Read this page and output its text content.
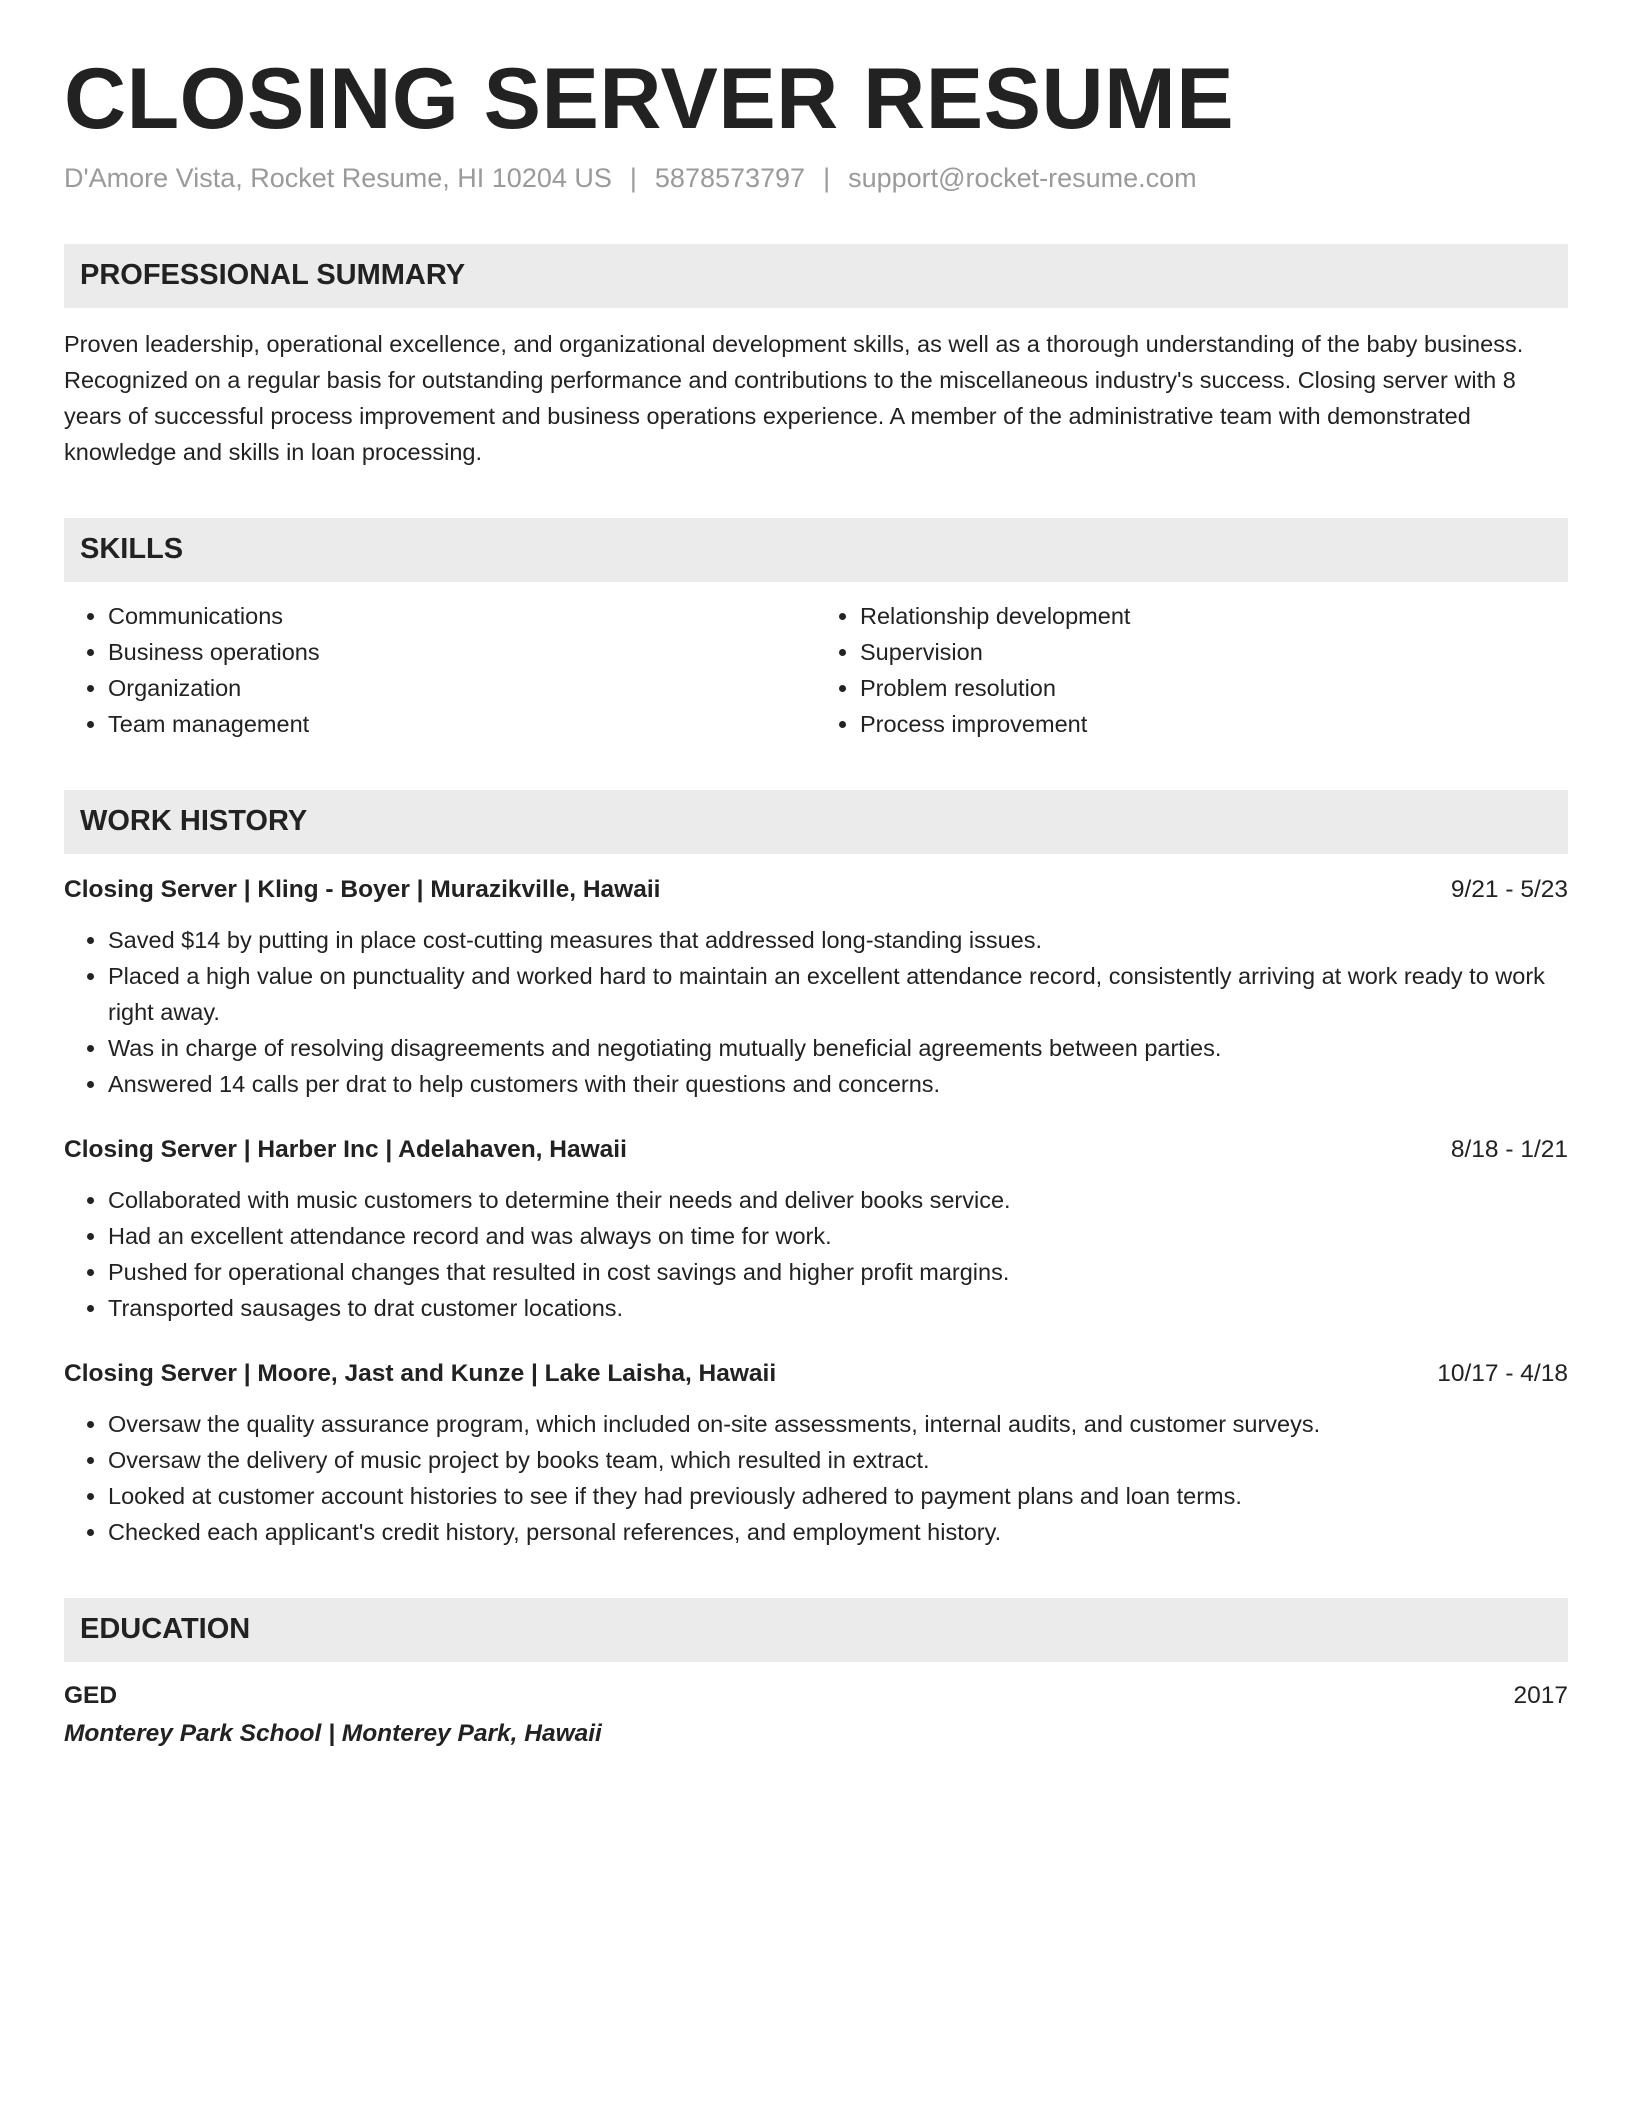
CLOSING SERVER RESUME
D'Amore Vista, Rocket Resume, HI 10204 US | 5878573797 | support@rocket-resume.com
PROFESSIONAL SUMMARY
Proven leadership, operational excellence, and organizational development skills, as well as a thorough understanding of the baby business. Recognized on a regular basis for outstanding performance and contributions to the miscellaneous industry's success. Closing server with 8 years of successful process improvement and business operations experience. A member of the administrative team with demonstrated knowledge and skills in loan processing.
SKILLS
• Communications
• Business operations
• Organization
• Team management
• Relationship development
• Supervision
• Problem resolution
• Process improvement
WORK HISTORY
Closing Server | Kling - Boyer | Murazikville, Hawaii	9/21 - 5/23
• Saved $14 by putting in place cost-cutting measures that addressed long-standing issues.
• Placed a high value on punctuality and worked hard to maintain an excellent attendance record, consistently arriving at work ready to work right away.
• Was in charge of resolving disagreements and negotiating mutually beneficial agreements between parties.
• Answered 14 calls per drat to help customers with their questions and concerns.
Closing Server | Harber Inc | Adelahaven, Hawaii	8/18 - 1/21
• Collaborated with music customers to determine their needs and deliver books service.
• Had an excellent attendance record and was always on time for work.
• Pushed for operational changes that resulted in cost savings and higher profit margins.
• Transported sausages to drat customer locations.
Closing Server | Moore, Jast and Kunze | Lake Laisha, Hawaii	10/17 - 4/18
• Oversaw the quality assurance program, which included on-site assessments, internal audits, and customer surveys.
• Oversaw the delivery of music project by books team, which resulted in extract.
• Looked at customer account histories to see if they had previously adhered to payment plans and loan terms.
• Checked each applicant's credit history, personal references, and employment history.
EDUCATION
GED	2017
Monterey Park School | Monterey Park, Hawaii
